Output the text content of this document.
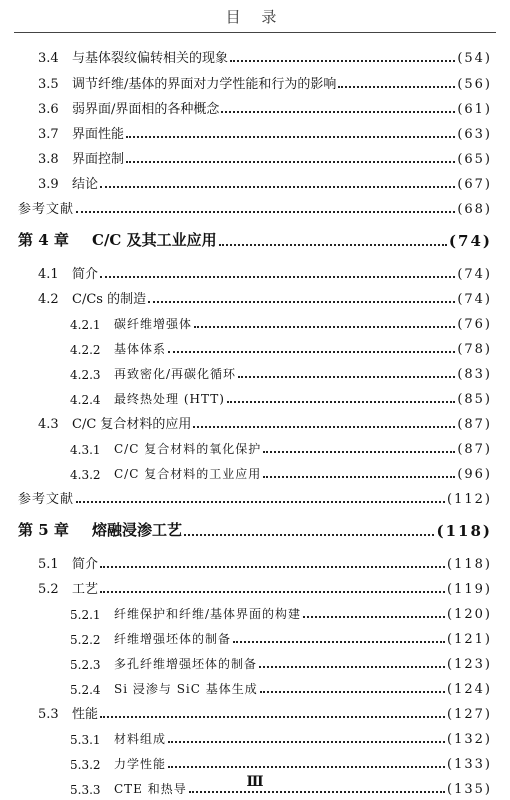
目 录
3.4	与基体裂纹偏转相关的现象	(54)
3.5	调节纤维/基体的界面对力学性能和行为的影响	(56)
3.6	弱界面/界面相的各种概念	(61)
3.7	界面性能	(63)
3.8	界面控制	(65)
3.9	结论	(67)
参考文献	(68)
第 4 章	C/C 及其工业应用	(74)
4.1	简介	(74)
4.2	C/Cs 的制造	(74)
4.2.1	碳纤维增强体	(76)
4.2.2	基体体系	(78)
4.2.3	再致密化/再碳化循环	(83)
4.2.4	最终热处理 (HTT)	(85)
4.3	C/C 复合材料的应用	(87)
4.3.1	C/C 复合材料的氧化保护	(87)
4.3.2	C/C 复合材料的工业应用	(96)
参考文献	(112)
第 5 章	熔融浸渗工艺	(118)
5.1	简介	(118)
5.2	工艺	(119)
5.2.1	纤维保护和纤维/基体界面的构建	(120)
5.2.2	纤维增强坯体的制备	(121)
5.2.3	多孔纤维增强坯体的制备	(123)
5.2.4	Si 浸渗与 SiC 基体生成	(124)
5.3	性能	(127)
5.3.1	材料组成	(132)
5.3.2	力学性能	(133)
5.3.3	CTE 和热导	(135)
Ⅲ
